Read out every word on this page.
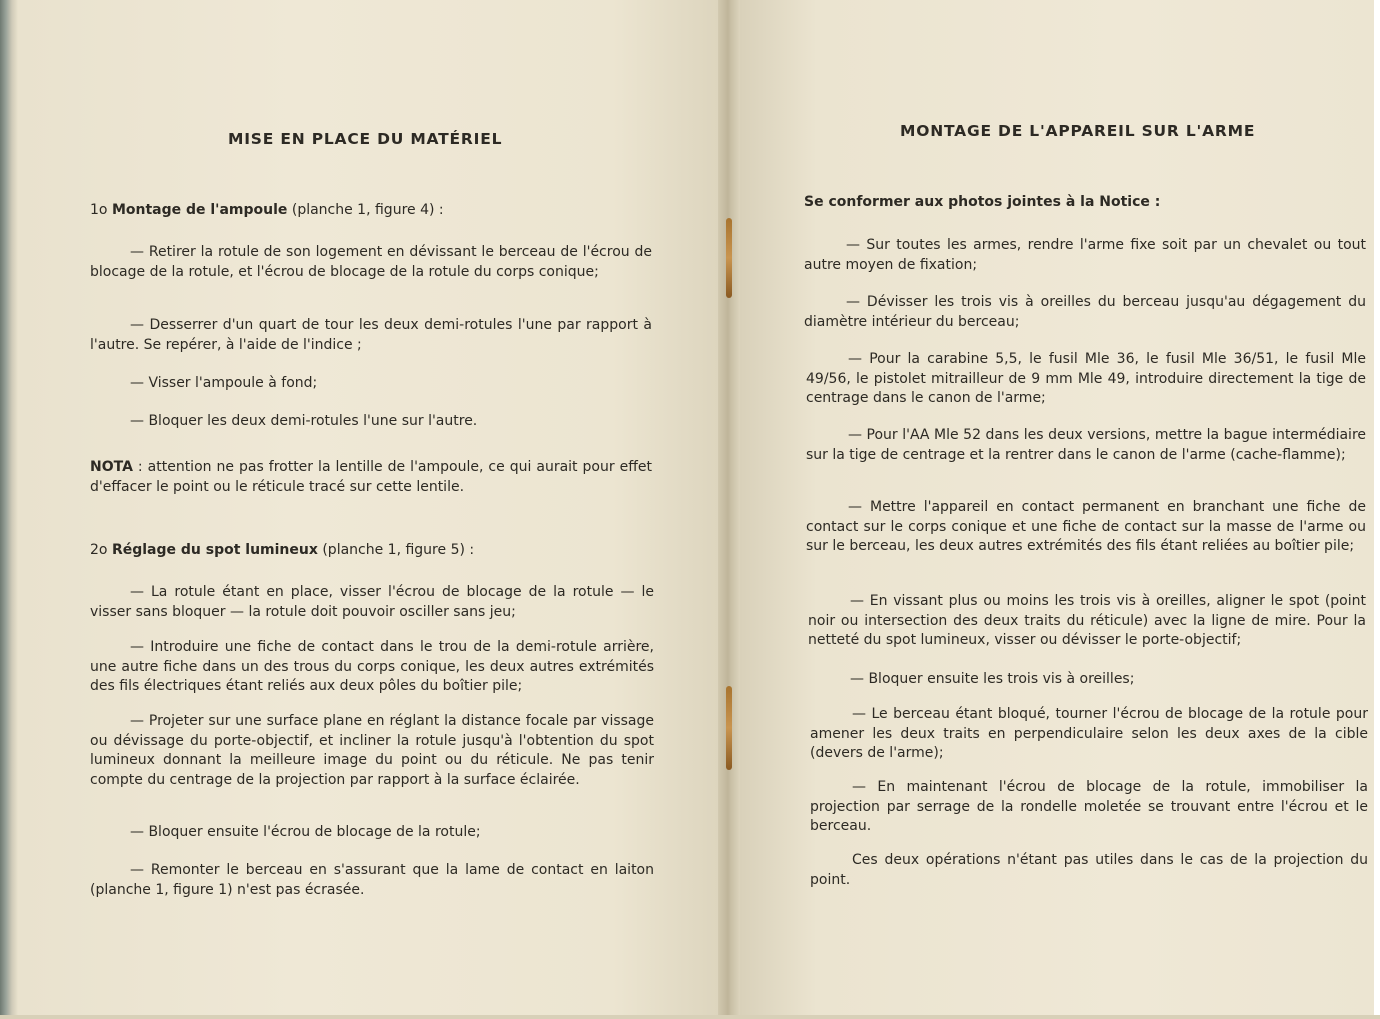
MISE EN PLACE DU MATÉRIEL

1o Montage de l'ampoule (planche 1, figure 4) :

— Retirer la rotule de son logement en dévissant le berceau de l'écrou de blocage de la rotule, et l'écrou de blocage de la rotule du corps conique;

— Desserrer d'un quart de tour les deux demi-rotules l'une par rapport à l'autre. Se repérer, à l'aide de l'indice ;

— Visser l'ampoule à fond;

— Bloquer les deux demi-rotules l'une sur l'autre.

NOTA : attention ne pas frotter la lentille de l'ampoule, ce qui aurait pour effet d'effacer le point ou le réticule tracé sur cette lentile.

2o Réglage du spot lumineux (planche 1, figure 5) :

— La rotule étant en place, visser l'écrou de blocage de la rotule — le visser sans bloquer — la rotule doit pouvoir osciller sans jeu;

— Introduire une fiche de contact dans le trou de la demi-rotule arrière, une autre fiche dans un des trous du corps conique, les deux autres extrémités des fils électriques étant reliés aux deux pôles du boîtier pile;

— Projeter sur une surface plane en réglant la distance focale par vissage ou dévissage du porte-objectif, et incliner la rotule jusqu'à l'obtention du spot lumineux donnant la meilleure image du point ou du réticule. Ne pas tenir compte du centrage de la projection par rapport à la surface éclairée.

— Bloquer ensuite l'écrou de blocage de la rotule;

— Remonter le berceau en s'assurant que la lame de contact en laiton (planche 1, figure 1) n'est pas écrasée.

MONTAGE DE L'APPAREIL SUR L'ARME

Se conformer aux photos jointes à la Notice :

— Sur toutes les armes, rendre l'arme fixe soit par un chevalet ou tout autre moyen de fixation;

— Dévisser les trois vis à oreilles du berceau jusqu'au dégagement du diamètre intérieur du berceau;

— Pour la carabine 5,5, le fusil Mle 36, le fusil Mle 36/51, le fusil Mle 49/56, le pistolet mitrailleur de 9 mm Mle 49, introduire directement la tige de centrage dans le canon de l'arme;

— Pour l'AA Mle 52 dans les deux versions, mettre la bague intermédiaire sur la tige de centrage et la rentrer dans le canon de l'arme (cache-flamme);

— Mettre l'appareil en contact permanent en branchant une fiche de contact sur le corps conique et une fiche de contact sur la masse de l'arme ou sur le berceau, les deux autres extrémités des fils étant reliées au boîtier pile;

— En vissant plus ou moins les trois vis à oreilles, aligner le spot (point noir ou intersection des deux traits du réticule) avec la ligne de mire. Pour la netteté du spot lumineux, visser ou dévisser le porte-objectif;

— Bloquer ensuite les trois vis à oreilles;

— Le berceau étant bloqué, tourner l'écrou de blocage de la rotule pour amener les deux traits en perpendiculaire selon les deux axes de la cible (devers de l'arme);

— En maintenant l'écrou de blocage de la rotule, immobiliser la projection par serrage de la rondelle moletée se trouvant entre l'écrou et le berceau.

Ces deux opérations n'étant pas utiles dans le cas de la projection du point.
